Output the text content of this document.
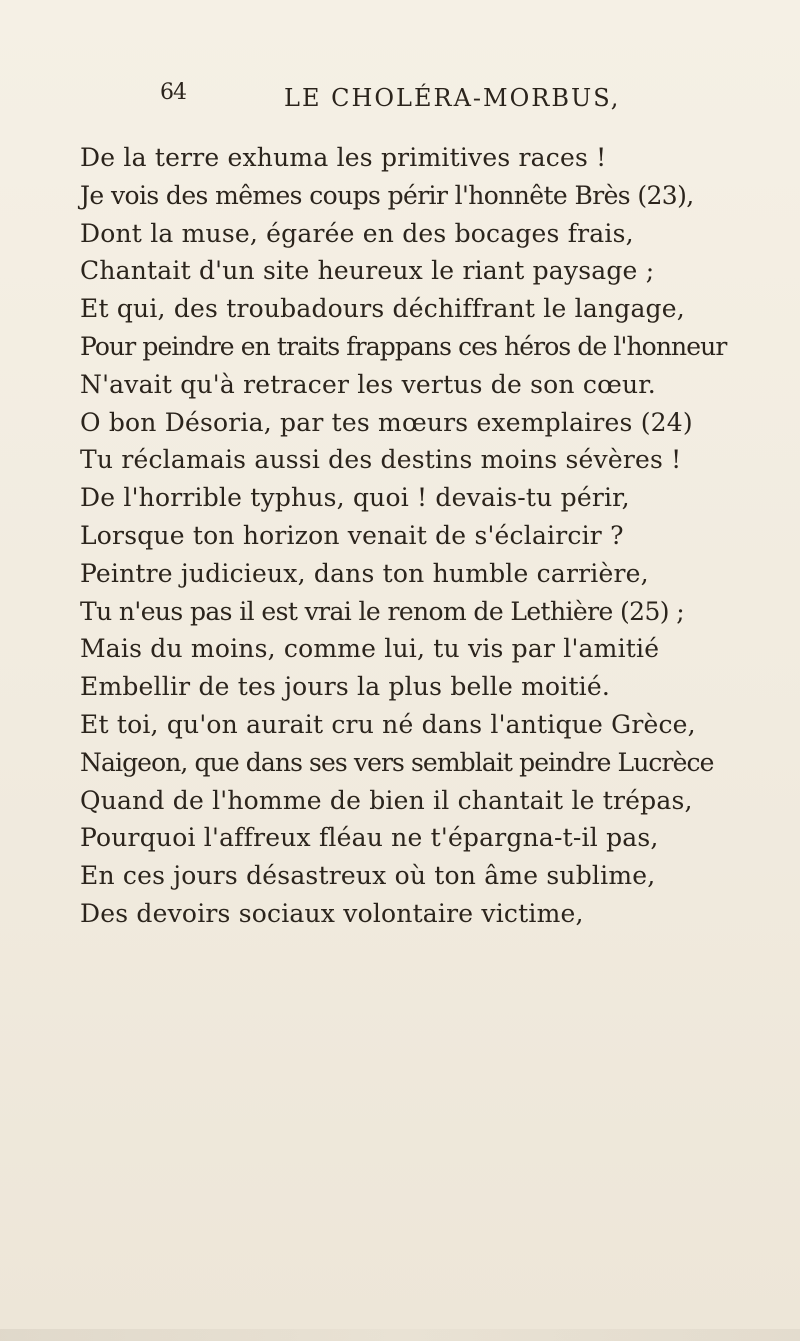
64	LE CHOLÉRA-MORBUS,
De la terre exhuma les primitives races !
Je vois des mêmes coups périr l'honnête Brès (23),
Dont la muse, égarée en des bocages frais,
Chantait d'un site heureux le riant paysage ;
Et qui, des troubadours déchiffrant le langage,
Pour peindre en traits frappans ces héros de l'honneur
N'avait qu'à retracer les vertus de son cœur.
O bon Désoria, par tes mœurs exemplaires (24)
Tu réclamais aussi des destins moins sévères !
De l'horrible typhus, quoi ! devais-tu périr,
Lorsque ton horizon venait de s'éclaircir ?
Peintre judicieux, dans ton humble carrière,
Tu n'eus pas il est vrai le renom de Lethière (25) ;
Mais du moins, comme lui, tu vis par l'amitié
Embellir de tes jours la plus belle moitié.
Et toi, qu'on aurait cru né dans l'antique Grèce,
Naigeon, que dans ses vers semblait peindre Lucrèce
Quand de l'homme de bien il chantait le trépas,
Pourquoi l'affreux fléau ne t'épargna-t-il pas,
En ces jours désastreux où ton âme sublime,
Des devoirs sociaux volontaire victime,
